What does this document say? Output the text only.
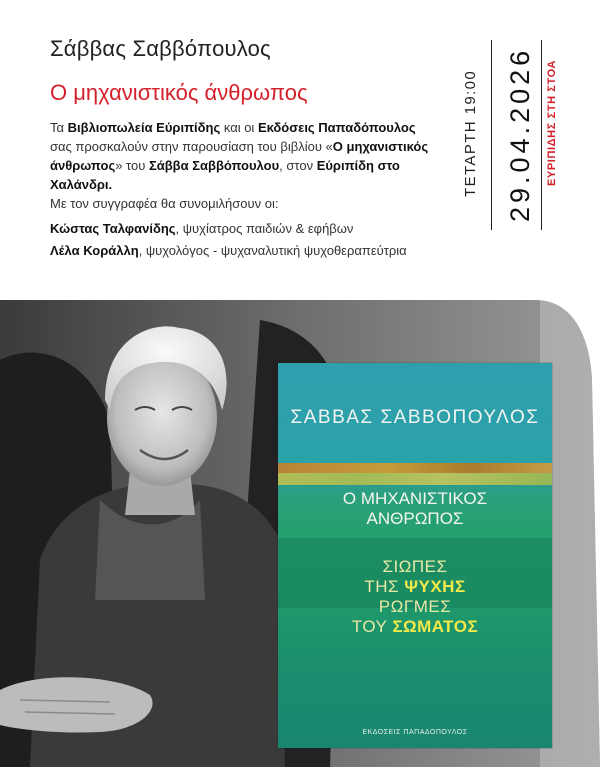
Σάββας Σαββόπουλος
Ο μηχανιστικός άνθρωπος
Τα Βιβλιοπωλεία Εύριπίδης και οι Εκδόσεις Παπαδόπουλος σας προσκαλούν στην παρουσίαση του βιβλίου «Ο μηχανιστικός άνθρωπος» του Σάββα Σαββόπουλου, στον Εύριπίδη στο Χαλάνδρι.
Με τον συγγραφέα θα συνομιλήσουν οι:
Κώστας Ταλφανίδης, ψυχίατρος παιδιών & εφήβων
Λέλα Κοράλλη, ψυχολόγος - ψυχαναλυτική ψυχοθεραπεύτρια
ΤΕΤΑΡΤΗ 19:00 29.04.2026 ΕΥΡΙΠΙΔΗΣ ΣΤΗ ΣΤΟΑ
ΣΑΒΒΑΣ ΣΑΒΒΟΠΟΥΛΟΣ
Ο ΜΗΧΑΝΙΣΤΙΚΟΣ
ΑΝΘΡΩΠΟΣ
ΣΙΩΠΕΣ
ΤΗΣ ΨΥΧΗΣ
ΡΩΓΜΕΣ
ΤΟΥ ΣΩΜΑΤΟΣ
ΕΚΔΟΣΕΙΣ ΠΑΠΑΔΟΠΟΥΛΟΣ
